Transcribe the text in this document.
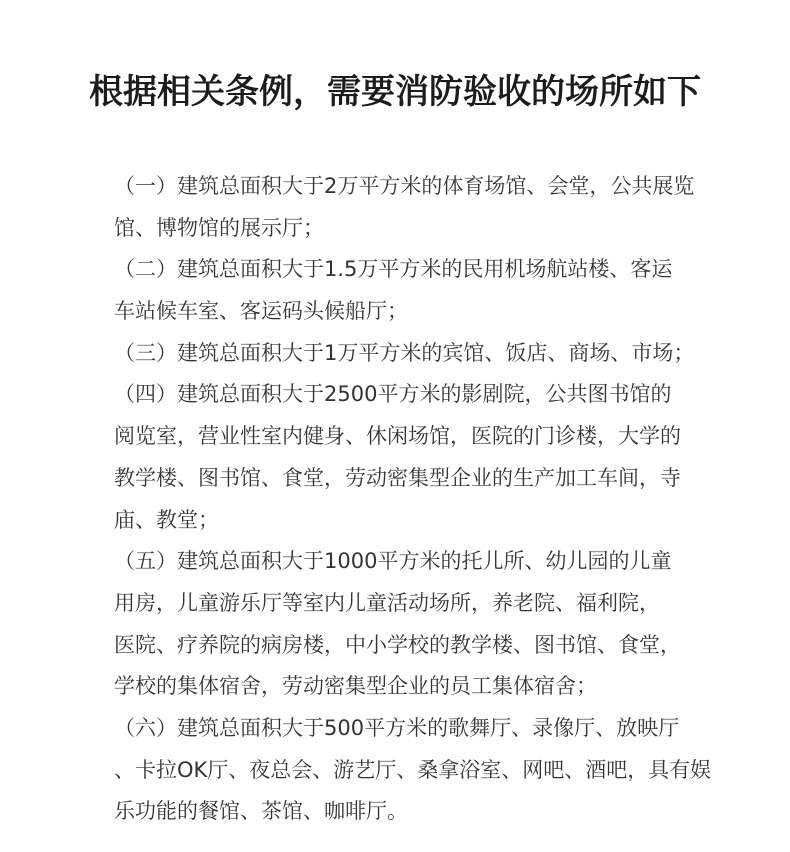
根据相关条例，需要消防验收的场所如下
（一）建筑总面积大于2万平方米的体育场馆、会堂，公共展览
馆、博物馆的展示厅；
（二）建筑总面积大于1.5万平方米的民用机场航站楼、客运
车站候车室、客运码头候船厅；
（三）建筑总面积大于1万平方米的宾馆、饭店、商场、市场；
（四）建筑总面积大于2500平方米的影剧院，公共图书馆的
阅览室，营业性室内健身、休闲场馆，医院的门诊楼，大学的
教学楼、图书馆、食堂，劳动密集型企业的生产加工车间，寺
庙、教堂；
（五）建筑总面积大于1000平方米的托儿所、幼儿园的儿童
用房，儿童游乐厅等室内儿童活动场所，养老院、福利院，
医院、疗养院的病房楼，中小学校的教学楼、图书馆、食堂，
学校的集体宿舍，劳动密集型企业的员工集体宿舍；
（六）建筑总面积大于500平方米的歌舞厅、录像厅、放映厅
、卡拉OK厅、夜总会、游艺厅、桑拿浴室、网吧、酒吧，具有娱
乐功能的餐馆、茶馆、咖啡厅。
